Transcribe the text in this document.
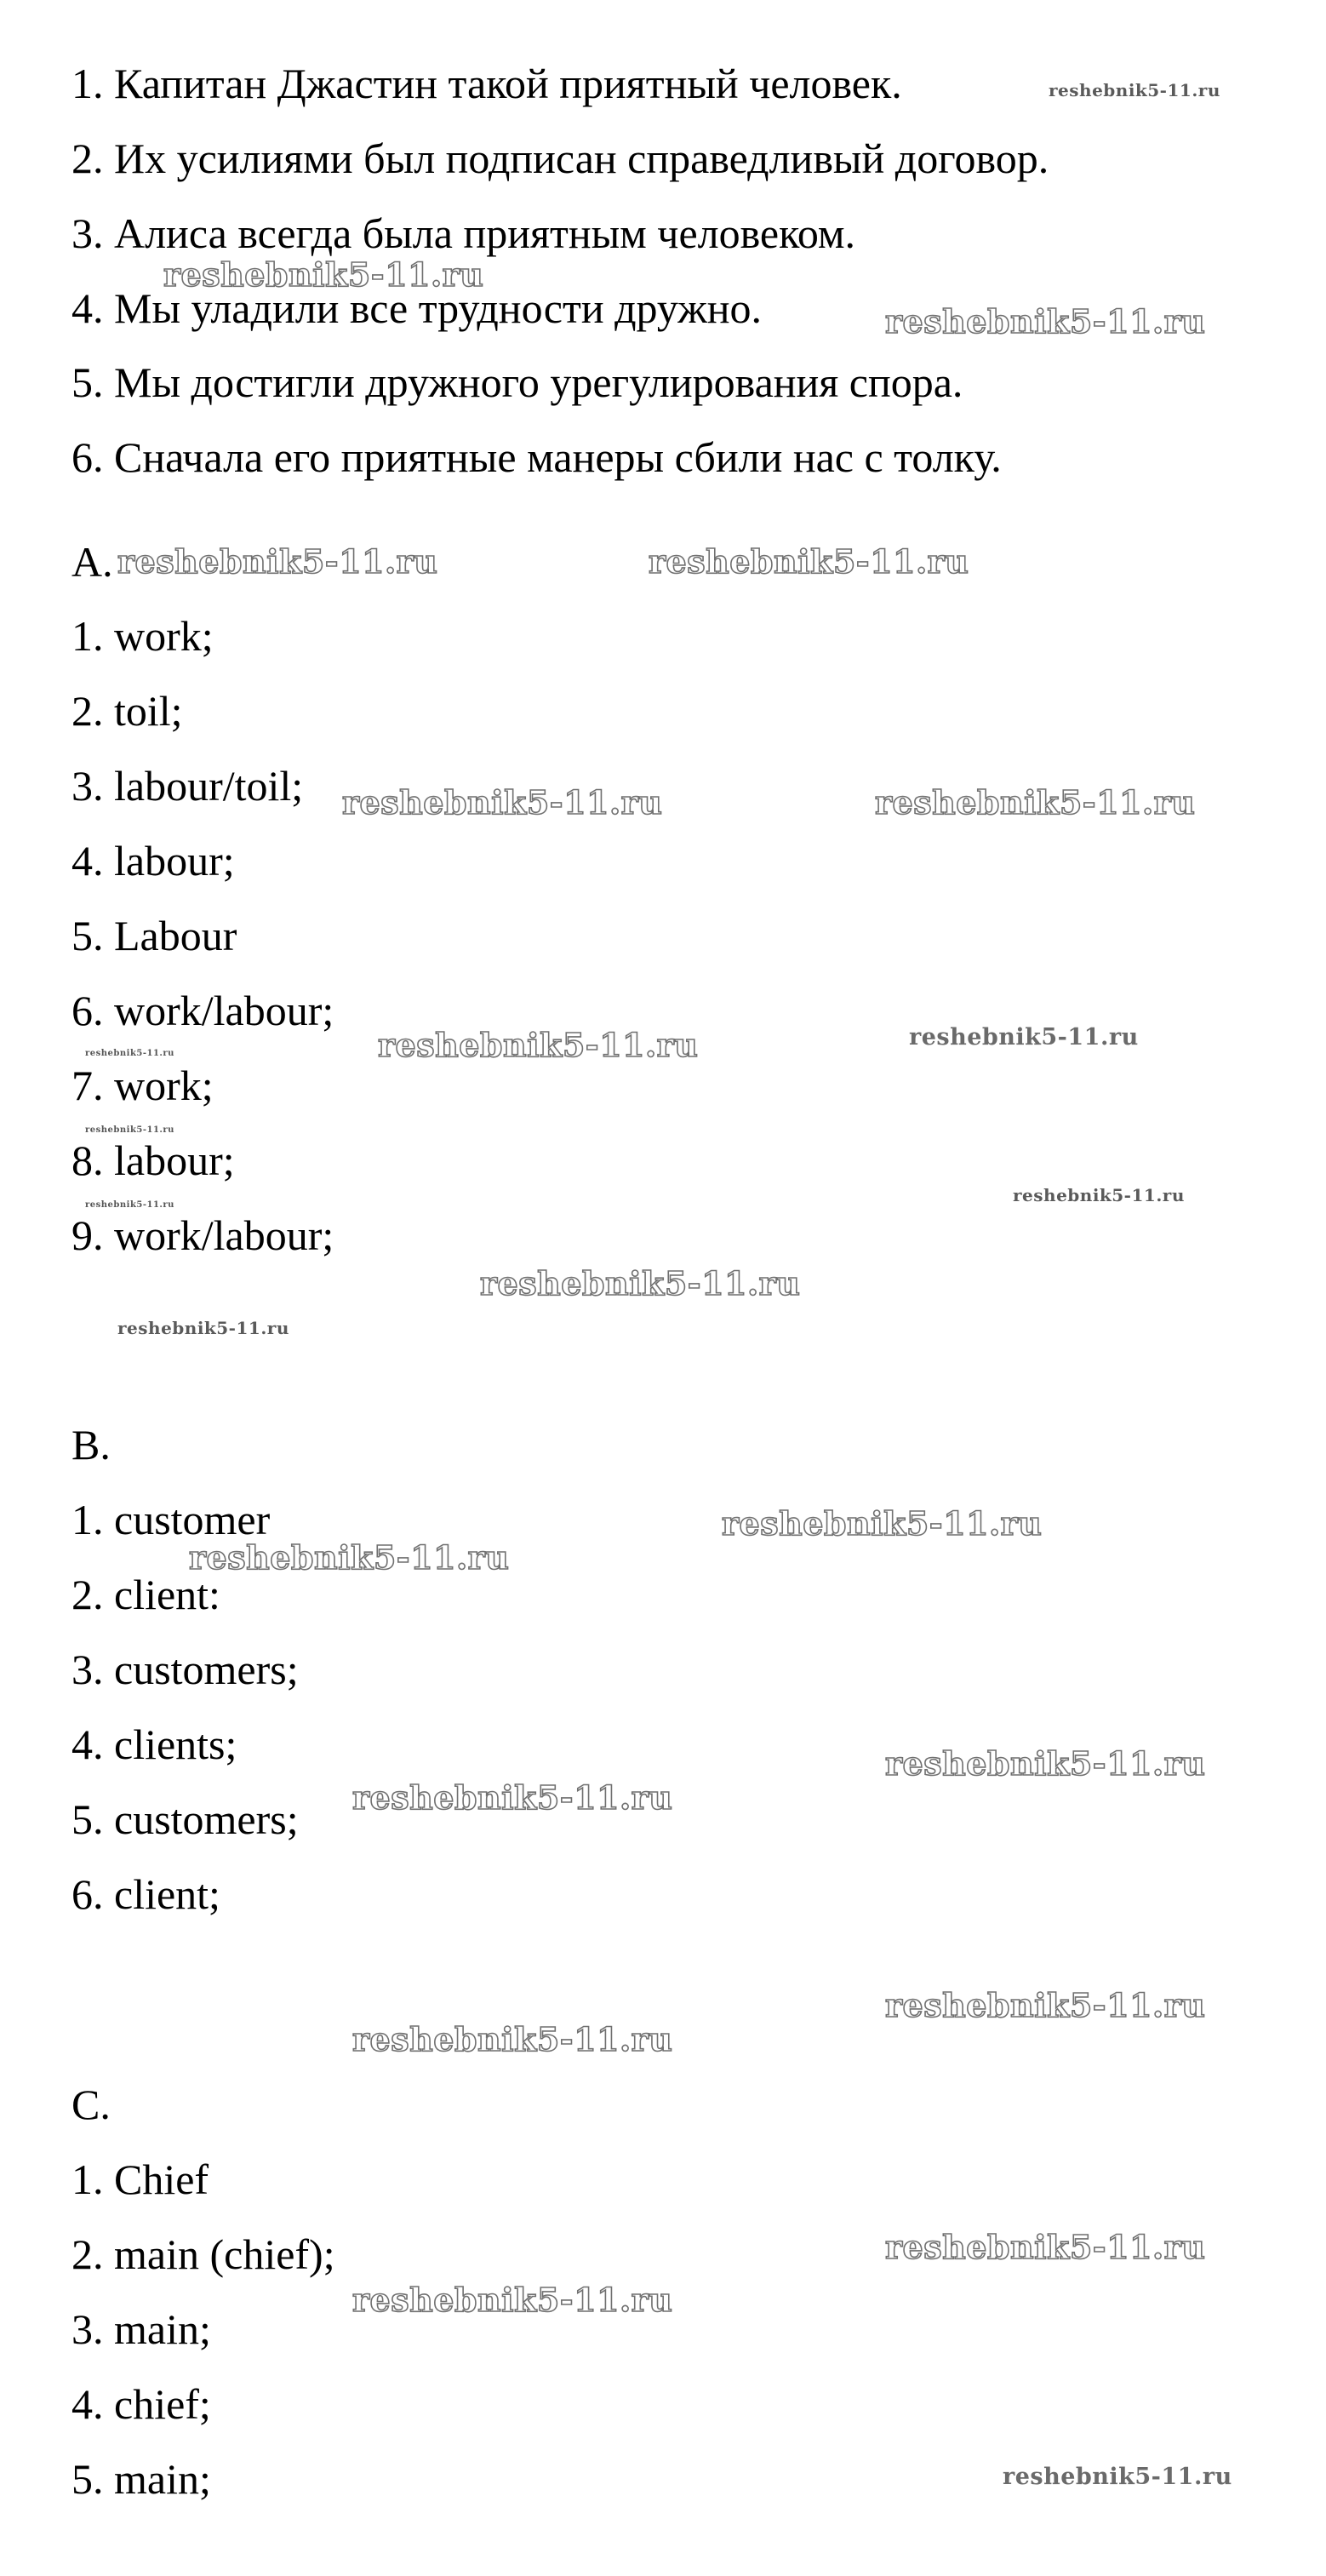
1. Капитан Джастин такой приятный человек.
2. Их усилиями был подписан справедливый договор.
3. Алиса всегда была приятным человеком.
4. Мы уладили все трудности дружно.
5. Мы достигли дружного урегулирования спора.
6. Сначала его приятные манеры сбили нас с толку.
A.
1. work;
2. toil;
3. labour/toil;
4. labour;
5. Labour
6. work/labour;
7. work;
8. labour;
9. work/labour;
B.
1. customer
2. client:
3. customers;
4. clients;
5. customers;
6. client;
C.
1. Chief
2. main (chief);
3. main;
4. chief;
5. main;
reshebnik5-11.ru
reshebnik5-11.ru
reshebnik5-11.ru
reshebnik5-11.ru	reshebnik5-11.ru
reshebnik5-11.ru	reshebnik5-11.ru
reshebnik5-11.ru	reshebnik5-11.ru
reshebnik5-11.ru
reshebnik5-11.ru
reshebnik5-11.ru
reshebnik5-11.ru
reshebnik5-11.ru
reshebnik5-11.ru
reshebnik5-11.ru
reshebnik5-11.ru
reshebnik5-11.ru
reshebnik5-11.ru
reshebnik5-11.ru
reshebnik5-11.ru
reshebnik5-11.ru
reshebnik5-11.ru
reshebnik5-11.ru
